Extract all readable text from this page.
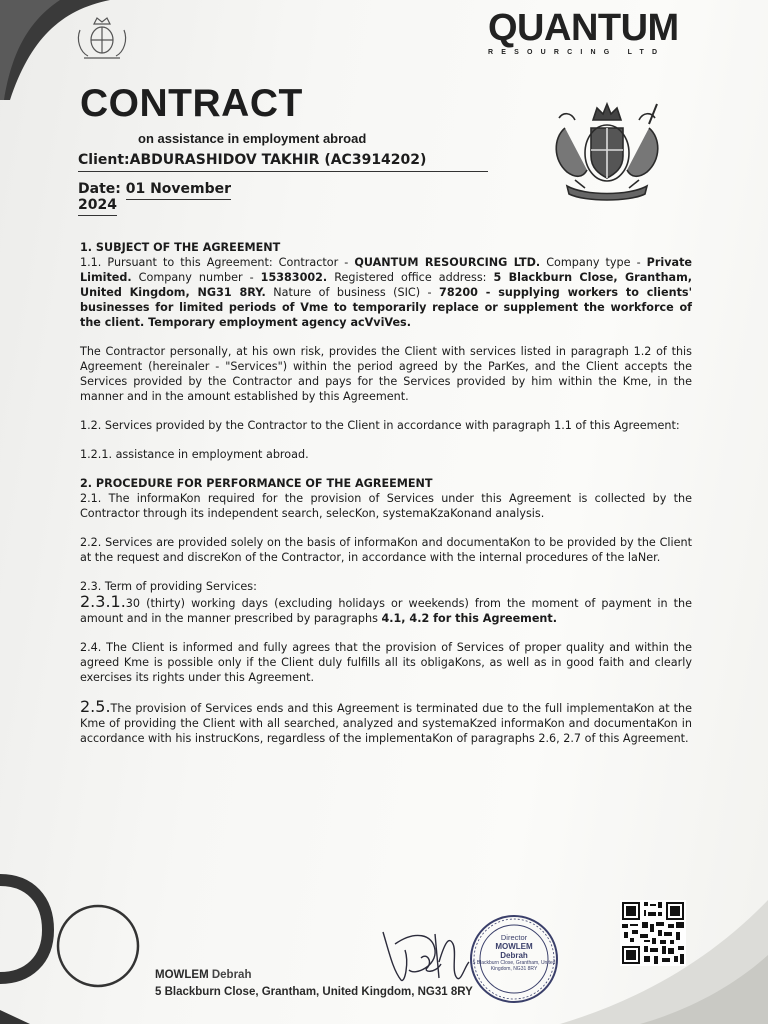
QUANTUM
RESOURCING LTD
CONTRACT
on assistance in employment abroad
Client:ABDURASHIDOV TAKHIR (AC3914202)
Date: 01 November 2024
1. SUBJECT OF THE AGREEMENT

1.1. Pursuant to this Agreement: Contractor - QUANTUM RESOURCING LTD. Company type - Private Limited. Company number - 15383002. Registered office address: 5 Blackburn Close, Grantham, United Kingdom, NG31 8RY. Nature of business (SIC) - 78200 - supplying workers to clients' businesses for limited periods of Vme to temporarily replace or supplement the workforce of the client. Temporary employment agency acVviVes.

The Contractor personally, at his own risk, provides the Client with services listed in paragraph 1.2 of this Agreement (hereinaler - "Services") within the period agreed by the ParKes, and the Client accepts the Services provided by the Contractor and pays for the Services provided by him within the Kme, in the manner and in the amount established by this Agreement.

1.2. Services provided by the Contractor to the Client in accordance with paragraph 1.1 of this Agreement:

1.2.1. assistance in employment abroad.

2. PROCEDURE FOR PERFORMANCE OF THE AGREEMENT

2.1. The informaKon required for the provision of Services under this Agreement is collected by the Contractor through its independent search, selecKon, systemaKzaKonand analysis.

2.2. Services are provided solely on the basis of informaKon and documentaKon to be provided by the Client at the request and discreKon of the Contractor, in accordance with the internal procedures of the laNer.

2.3. Term of providing Services:

2.3.1.30 (thirty) working days (excluding holidays or weekends) from the moment of payment in the amount and in the manner prescribed by paragraphs 4.1, 4.2 for this Agreement.

2.4. The Client is informed and fully agrees that the provision of Services of proper quality and within the agreed Kme is possible only if the Client duly fulfills all its obligaKons, as well as in good faith and clearly exercises its rights under this Agreement.

2.5.The provision of Services ends and this Agreement is terminated due to the full implementaKon at the Kme of providing the Client with all searched, analyzed and systemaKzed informaKon and documentaKon in accordance with his instrucKons, regardless of the implementaKon of paragraphs 2.6, 2.7 of this Agreement.

MOWLEM Debrah
5 Blackburn Close, Grantham, United Kingdom, NG31 8RY
Director
MOWLEM
Debrah
5 Blackburn Close, Grantham, United Kingdom, NG31 8RY
